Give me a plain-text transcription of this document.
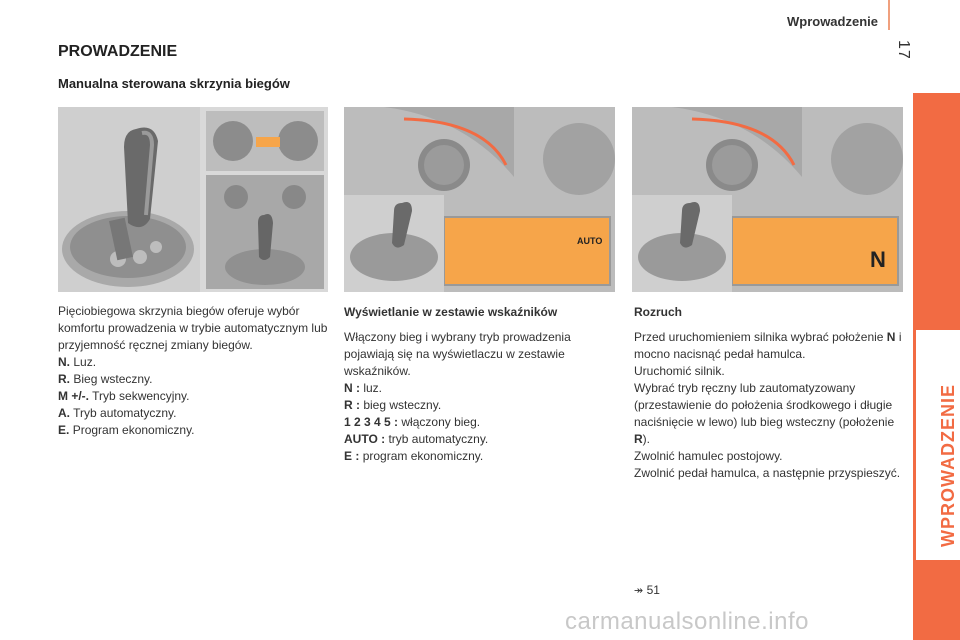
Wprowadzenie
17
WPROWADZENIE
PROWADZENIE
Manualna sterowana skrzynia biegów
AUTO
N

Pięciobiegowa skrzynia biegów oferuje wybór komfortu prowadzenia w trybie automatycznym lub przyjemność ręcznej zmiany biegów.

N. Luz.

R. Bieg wsteczny.

M +/-. Tryb sekwencyjny.

A. Tryb automatyczny.

E. Program ekonomiczny.

Wyświetlanie w zestawie wskaźników

Włączony bieg i wybrany tryb prowadzenia pojawiają się na wyświetlaczu w zestawie wskaźników.

N : luz.

R : bieg wsteczny.

1 2 3 4 5 : włączony bieg.

AUTO : tryb automatyczny.

E : program ekonomiczny.

Rozruch

Przed uruchomieniem silnika wybrać położenie N i mocno nacisnąć pedał hamulca.

Uruchomić silnik.

Wybrać tryb ręczny lub zautomatyzowany (przestawienie do położenia środkowego i długie naciśnięcie w lewo) lub bieg wsteczny (położenie R).

Zwolnić hamulec postojowy.

Zwolnić pedał hamulca, a następnie przyspieszyć.

↠ 51
carmanualsonline.info
